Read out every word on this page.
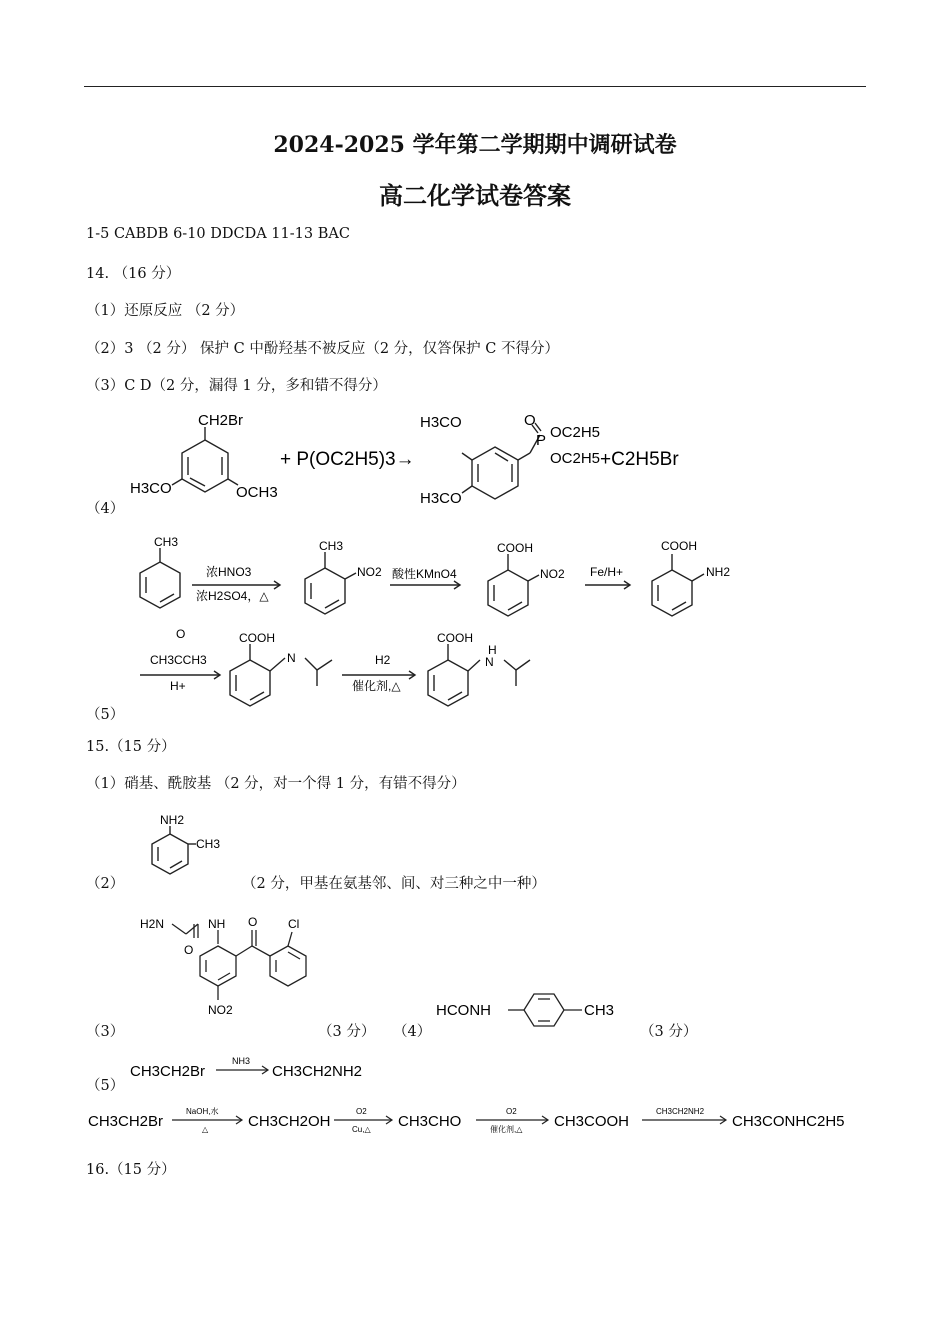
2024-2025 学年第二学期期中调研试卷
高二化学试卷答案
1-5 CABDB 6-10 DDCDA 11-13 BAC
14. （16 分）
（1）还原反应 （2 分）
（2）3 （2 分） 保护 C 中酚羟基不被反应（2 分，仅答保护 C 不得分）
（3）C D（2 分，漏得 1 分，多和错不得分）
（4）
CH2Br
H3CO	OCH3
+ P(OC2H5)3→
H3CO
H3CO
O
P OC2H5
OC2H5 +C2H5Br
CH3
浓HNO3
浓H2SO4，△
CH3
NO2 酸性KMnO4
COOH
NO2 Fe/H+
COOH
NH2
O
CH3CCH3
H+
COOH
N	H2
催化剂,△
COOH
H
N
（5）
15.（15 分）
（1）硝基、酰胺基 （2 分，对一个得 1 分，有错不得分）
（2）
NH2
CH3
（2 分，甲基在氨基邻、间、对三种之中一种）
（3）
H2N	NH
O
O	Cl
NO2
（3 分） （4）
HCONH	CH3
（3 分）
（5）
CH3CH2Br
NH3
CH3CH2NH2
CH3CH2Br	CH3CH2OH	CH3CHO	CH3COOH	CH3CONHC2H5
NaOH,水
△
O2
Cu,△
O2
催化剂,△
CH3CH2NH2
16.（15 分）
